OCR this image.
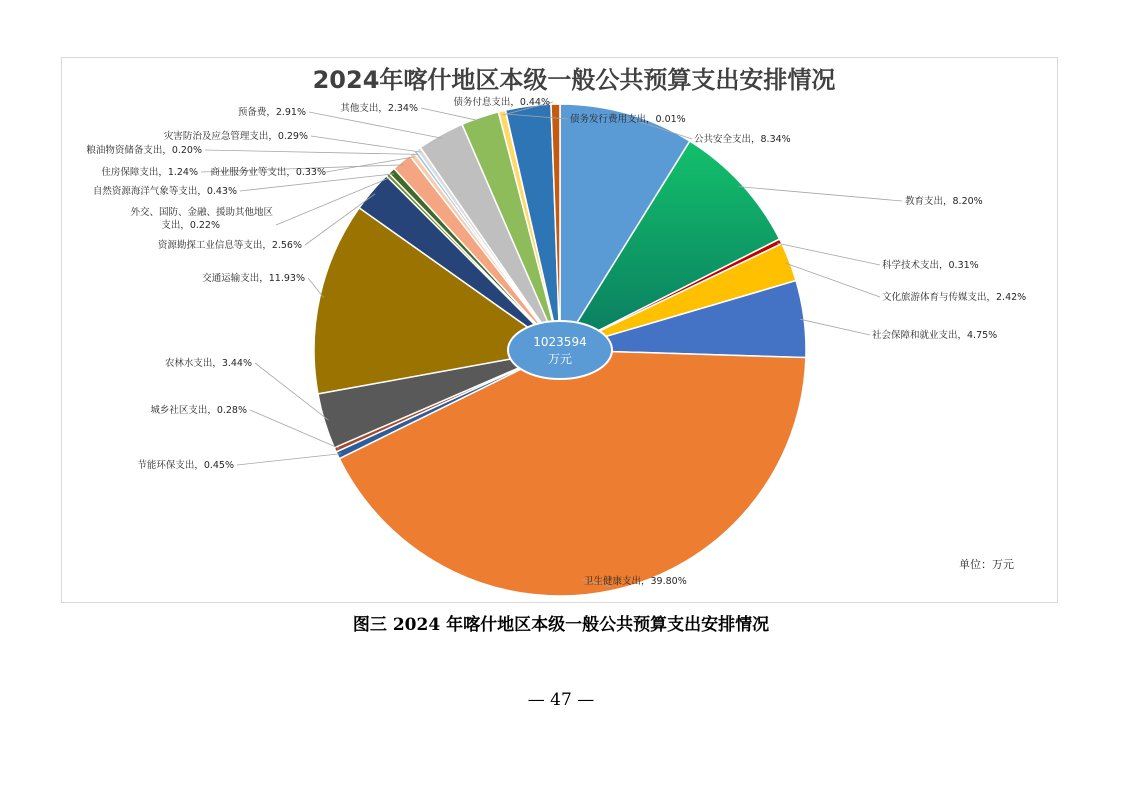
2024年喀什地区本级一般公共预算支出安排情况
公共安全支出，8.34%
教育支出，8.20%
科学技术支出，0.31%
文化旅游体育与传媒支出，2.42%
社会保障和就业支出，4.75%
卫生健康支出，39.80%
节能环保支出，0.45%
城乡社区支出，0.28%
农林水支出，3.44%
交通运输支出，11.93%
资源勘探工业信息等支出，2.56%
外交、国防、金融、援助其他地区
支出，0.22%
自然资源海洋气象等支出，0.43%
住房保障支出，1.24% 商业服务业等支出，0.33%
粮油物资储备支出，0.20%
灾害防治及应急管理支出，0.29%
预备费，2.91%	其他支出，2.34%
债务付息支出，0.44%
债务发行费用支出，0.01%
1023594
万元
单位：万元
图三 2024 年喀什地区本级一般公共预算支出安排情况
— 47 —
